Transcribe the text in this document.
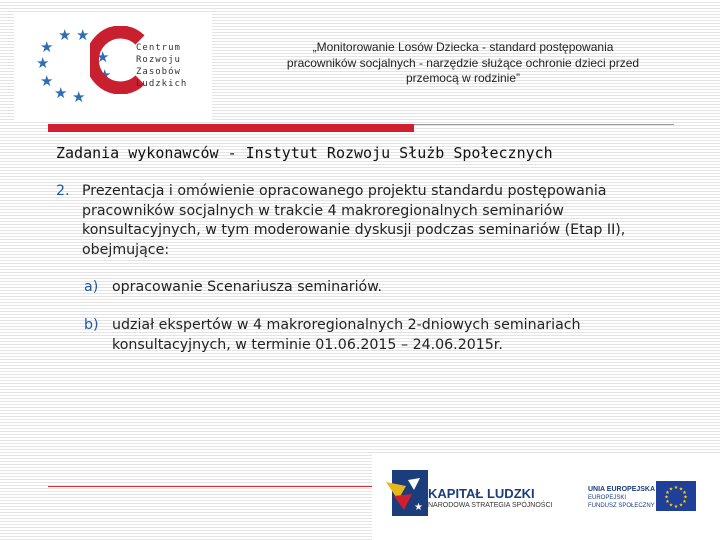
★
★ ★
★	★
★
★
★ ★
Centrum
Rozwoju
Zasobów
Ludzkich
„Monitorowanie Losów Dziecka - standard postępowania
pracowników socjalnych - narzędzie służące ochronie dzieci przed
przemocą w rodzinie”
Zadania wykonawców - Instytut Rozwoju Służb Społecznych
2. Prezentacja i omówienie opracowanego projektu standardu postępowania pracowników socjalnych w trakcie 4 makroregionalnych seminariów konsultacyjnych, w tym moderowanie dyskusji podczas seminariów (Etap II), obejmujące:
a) opracowanie Scenariusza seminariów.
b) udział ekspertów w 4 makroregionalnych 2-dniowych seminariach konsultacyjnych, w terminie 01.06.2015 – 24.06.2015r.
★
KAPITAŁ LUDZKI
NARODOWA STRATEGIA SPÓJNOŚCI
UNIA EUROPEJSKA
EUROPEJSKI
FUNDUSZ SPOŁECZNY
★ ★
★
★
★
★
★
★
★
★
★
★
